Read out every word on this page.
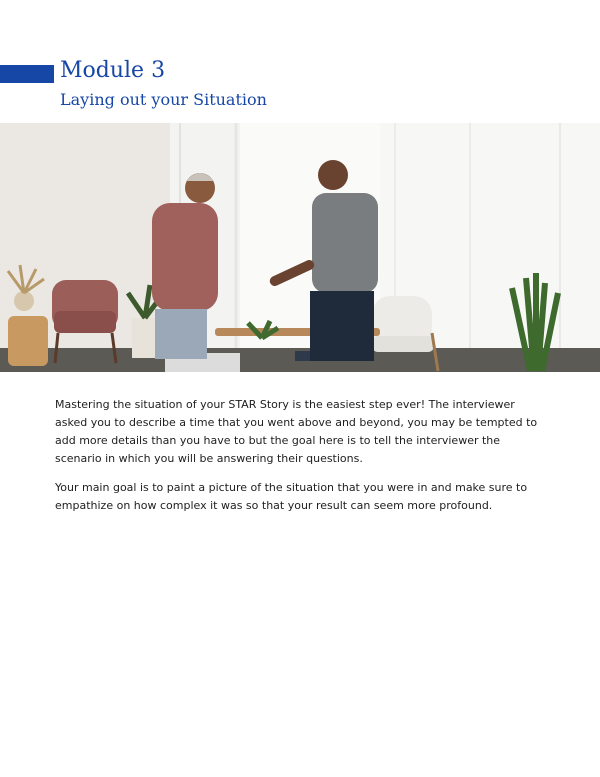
Module 3
Laying out your Situation

Mastering the situation of your STAR Story is the easiest step ever! The interviewer asked you to describe a time that you went above and beyond, you may be tempted to add more details than you have to but the goal here is to tell the interviewer the scenario in which you will be answering their questions.

Your main goal is to paint a picture of the situation that you were in and make sure to empathize on how complex it was so that your result can seem more profound.
